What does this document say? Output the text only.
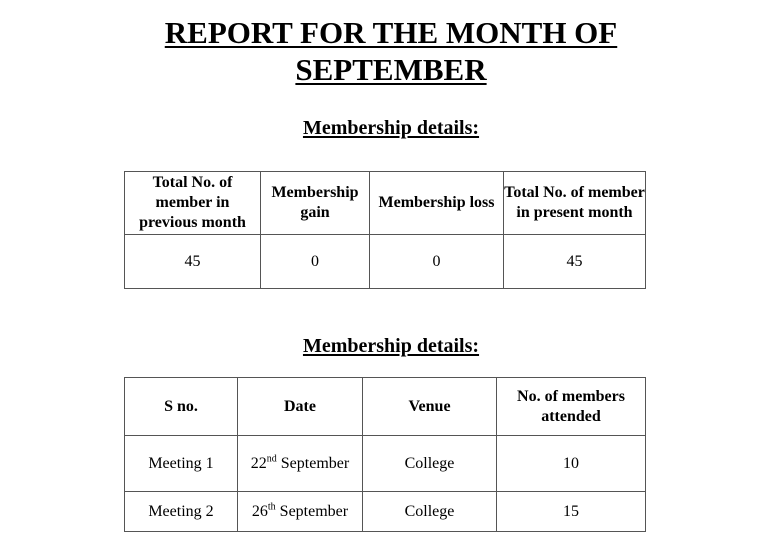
REPORT FOR THE MONTH OF
SEPTEMBER
Membership details:
Total No. of member in previous month	Membership gain	Membership loss	Total No. of member in present month
45	0	0	45
Membership details:
S no.	Date	Venue	No. of members attended
Meeting 1	22nd September	College	10
Meeting 2	26th September	College	15
